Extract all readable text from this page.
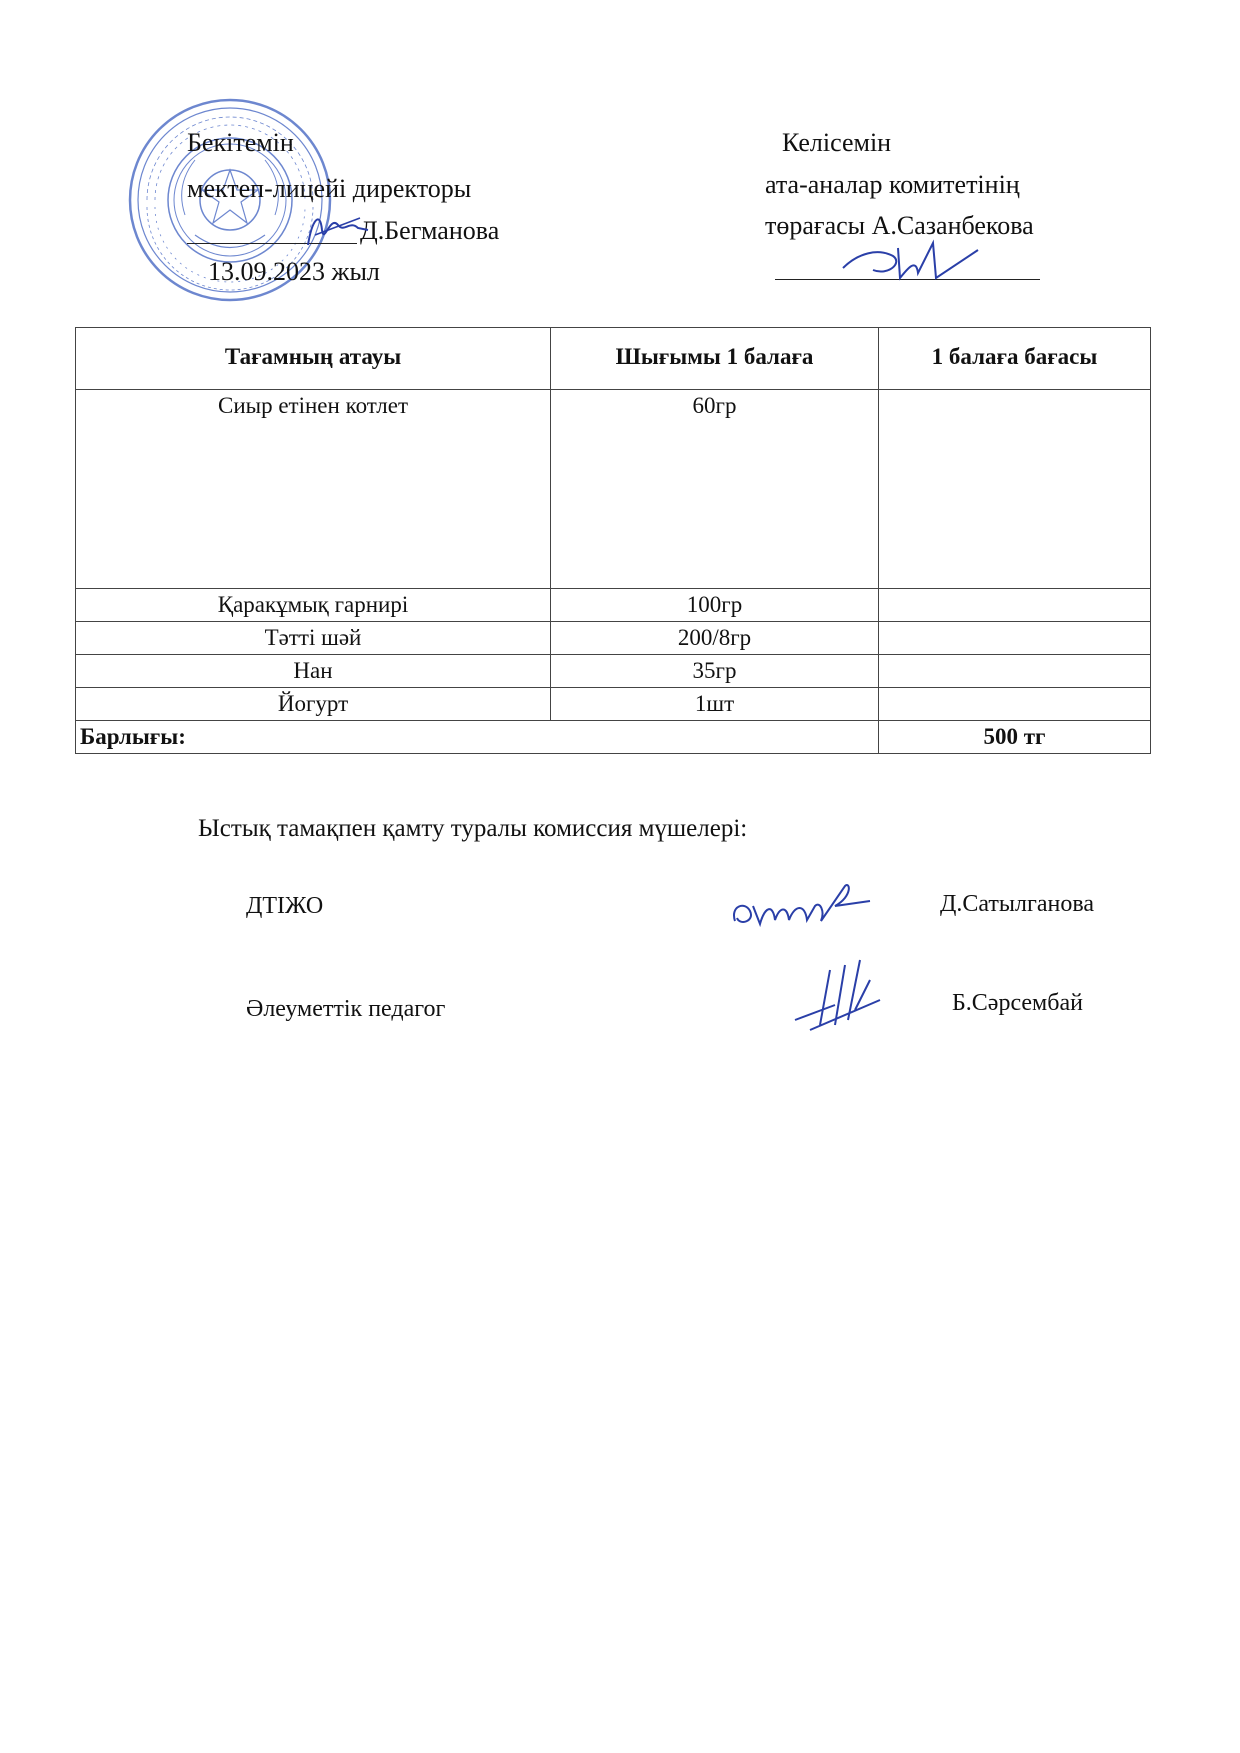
Бекітемін
мектеп-лицейі директоры
Д.Бегманова
13.09.2023 жыл
Келісемін
ата-аналар комитетінің
төрағасы А.Сазанбекова
Тағамның атауы	Шығымы 1 балаға	1 балаға бағасы
Сиыр етінен котлет	60гр	
Қаракұмық гарнирі	100гр	
Тәтті шәй	200/8гр	
Нан	35гр	
Йогурт	1шт	
Барлығы:		500 тг
Ыстық тамақпен қамту туралы комиссия мүшелері:
ДТІЖО	Д.Сатылганова
Әлеуметтік педагог	Б.Сәрсембай
